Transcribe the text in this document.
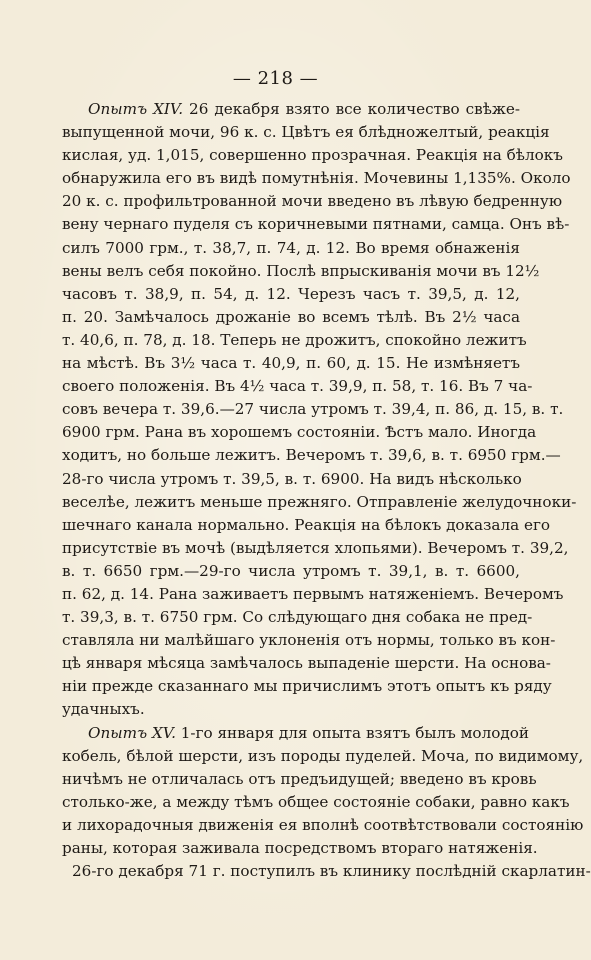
— 218 —
Опытъ XIV. 26 декабря взято все количество свѣже-
выпущенной мочи, 96 к. с. Цвѣтъ ея блѣдножелтый, реакція
кислая, уд. 1,015, совершенно прозрачная. Реакція на бѣлокъ
обнаружила его въ видѣ помутнѣнія. Мочевины 1,135%. Около
20 к. с. профильтрованной мочи введено въ лѣвую бедренную
вену чернаго пуделя съ коричневыми пятнами, самца. Онъ вѣ-
силъ 7000 грм., т. 38,7, п. 74, д. 12. Во время обнаженія
вены велъ себя покойно. Послѣ впрыскиванія мочи въ 12½
часовъ т. 38,9, п. 54, д. 12. Черезъ часъ т. 39,5, д. 12,
п. 20. Замѣчалось дрожаніе во всемъ тѣлѣ. Въ 2½ часа
т. 40,6, п. 78, д. 18. Теперь не дрожитъ, спокойно лежитъ
на мѣстѣ. Въ 3½ часа т. 40,9, п. 60, д. 15. Не измѣняетъ
своего положенія. Въ 4½ часа т. 39,9, п. 58, т. 16. Въ 7 ча-
совъ вечера т. 39,6.—27 числа утромъ т. 39,4, п. 86, д. 15, в. т.
6900 грм. Рана въ хорошемъ состояніи. Ѣстъ мало. Иногда
ходитъ, но больше лежитъ. Вечеромъ т. 39,6, в. т. 6950 грм.—
28-го числа утромъ т. 39,5, в. т. 6900. На видъ нѣсколько
веселѣе, лежитъ меньше прежняго. Отправленіе желудочноки-
шечнаго канала нормально. Реакція на бѣлокъ доказала его
присутствіе въ мочѣ (выдѣляется хлопьями). Вечеромъ т. 39,2,
в. т. 6650 грм.—29-го числа утромъ т. 39,1, в. т. 6600,
п. 62, д. 14. Рана заживаетъ первымъ натяженіемъ. Вечеромъ
т. 39,3, в. т. 6750 грм. Со слѣдующаго дня собака не пред-
ставляла ни малѣйшаго уклоненія отъ нормы, только въ кон-
цѣ января мѣсяца замѣчалось выпаденіе шерсти. На основа-
ніи прежде сказаннаго мы причислимъ этотъ опытъ къ ряду
удачныхъ.
Опытъ XV. 1-го января для опыта взятъ былъ молодой
кобель, бѣлой шерсти, изъ породы пуделей. Моча, по видимому,
ничѣмъ не отличалась отъ предъидущей; введено въ кровь
столько-же, а между тѣмъ общее состояніе собаки, равно какъ
и лихорадочныя движенія ея вполнѣ соотвѣтствовали состоянію
раны, которая заживала посредствомъ втораго натяженія.
26-го декабря 71 г. поступилъ въ клинику послѣдній скарлатин-
